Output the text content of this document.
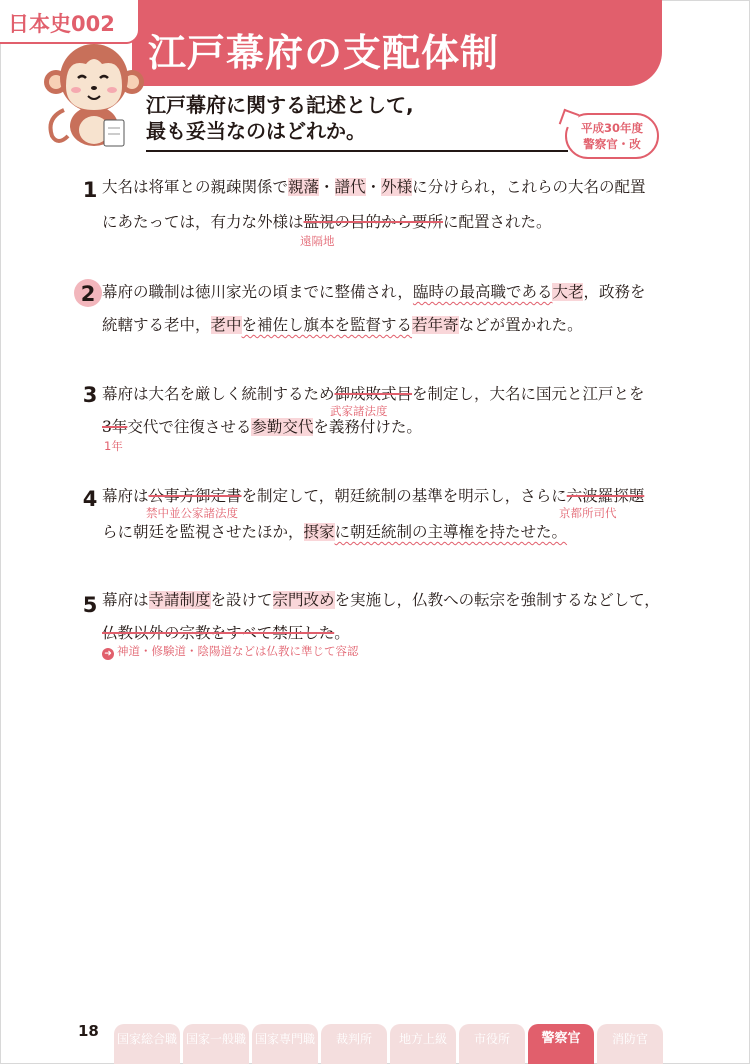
日本史002
江戸幕府の支配体制
江戸幕府に関する記述として,
最も妥当なのはどれか。	平成30年度
警察官・改
1 大名は将軍との親疎関係で親藩・譜代・外様に分けられ，これらの大名の配置
にあたっては，有力な外様は監視の目的から要所に配置された。
遠隔地
2 幕府の職制は徳川家光の頃までに整備され，臨時の最高職である大老，政務を
統轄する老中，老中を補佐し旗本を監督する若年寄などが置かれた。
3 幕府は大名を厳しく統制するため御成敗式目を制定し，大名に国元と江戸とを
武家諸法度
3年交代で往復させる参勤交代を義務付けた。
1年
4 幕府は公事方御定書を制定して，朝廷統制の基準を明示し，さらに六波羅探題
禁中並公家諸法度	京都所司代
らに朝廷を監視させたほか，摂家に朝廷統制の主導権を持たせた。
5 幕府は寺請制度を設けて宗門改めを実施し，仏教への転宗を強制するなどして，
仏教以外の宗教をすべて禁圧した。
➜ 神道・修験道・陰陽道などは仏教に準じて容認
18 国家総合職 国家一般職 国家専門職	裁判所	地方上級	市役所	警察官	消防官
